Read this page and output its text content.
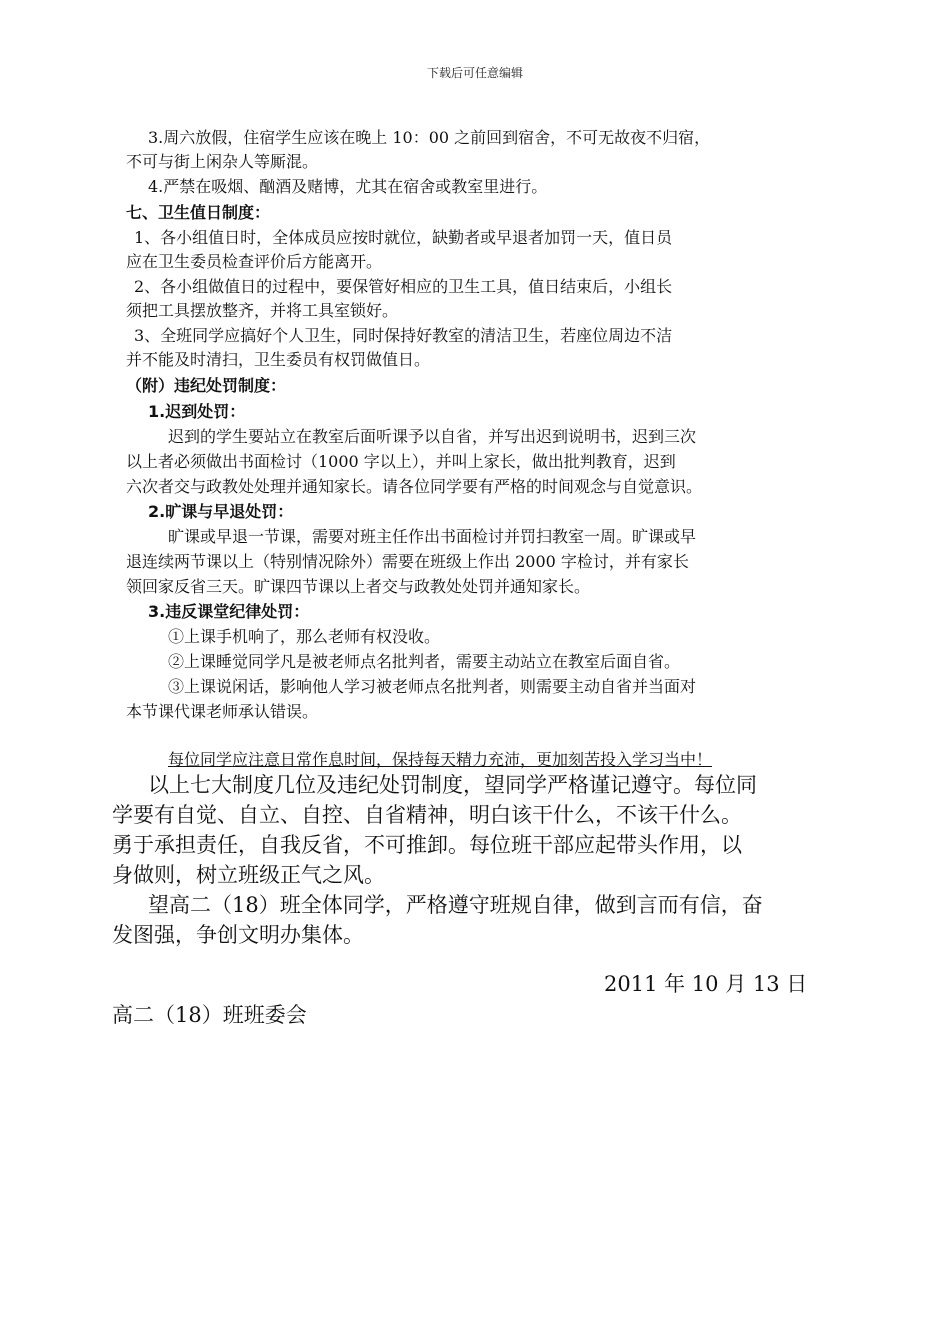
下载后可任意编辑
3.周六放假，住宿学生应该在晚上 10：00 之前回到宿舍，不可无故夜不归宿，
不可与街上闲杂人等厮混。
4.严禁在吸烟、酗酒及赌博，尤其在宿舍或教室里进行。
七、卫生值日制度：
1、各小组值日时，全体成员应按时就位，缺勤者或早退者加罚一天，值日员
应在卫生委员检查评价后方能离开。
2、各小组做值日的过程中，要保管好相应的卫生工具，值日结束后，小组长
须把工具摆放整齐，并将工具室锁好。
3、全班同学应搞好个人卫生，同时保持好教室的清洁卫生，若座位周边不洁
并不能及时清扫，卫生委员有权罚做值日。
（附）违纪处罚制度：
1.迟到处罚：
迟到的学生要站立在教室后面听课予以自省，并写出迟到说明书，迟到三次
以上者必须做出书面检讨（1000 字以上），并叫上家长，做出批判教育，迟到
六次者交与政教处处理并通知家长。请各位同学要有严格的时间观念与自觉意识。
2.旷课与早退处罚：
旷课或早退一节课，需要对班主任作出书面检讨并罚扫教室一周。旷课或早
退连续两节课以上（特别情况除外）需要在班级上作出 2000 字检讨，并有家长
领回家反省三天。旷课四节课以上者交与政教处处罚并通知家长。
3.违反课堂纪律处罚：
①上课手机响了，那么老师有权没收。
②上课睡觉同学凡是被老师点名批判者，需要主动站立在教室后面自省。
③上课说闲话，影响他人学习被老师点名批判者，则需要主动自省并当面对
本节课代课老师承认错误。
每位同学应注意日常作息时间，保持每天精力充沛，更加刻苦投入学习当中！
以上七大制度几位及违纪处罚制度，望同学严格谨记遵守。每位同
学要有自觉、自立、自控、自省精神，明白该干什么，不该干什么。
勇于承担责任，自我反省，不可推卸。每位班干部应起带头作用，以
身做则，树立班级正气之风。
望高二（18）班全体同学，严格遵守班规自律，做到言而有信，奋
发图强，争创文明办集体。
2011 年 10 月 13 日
高二（18）班班委会
